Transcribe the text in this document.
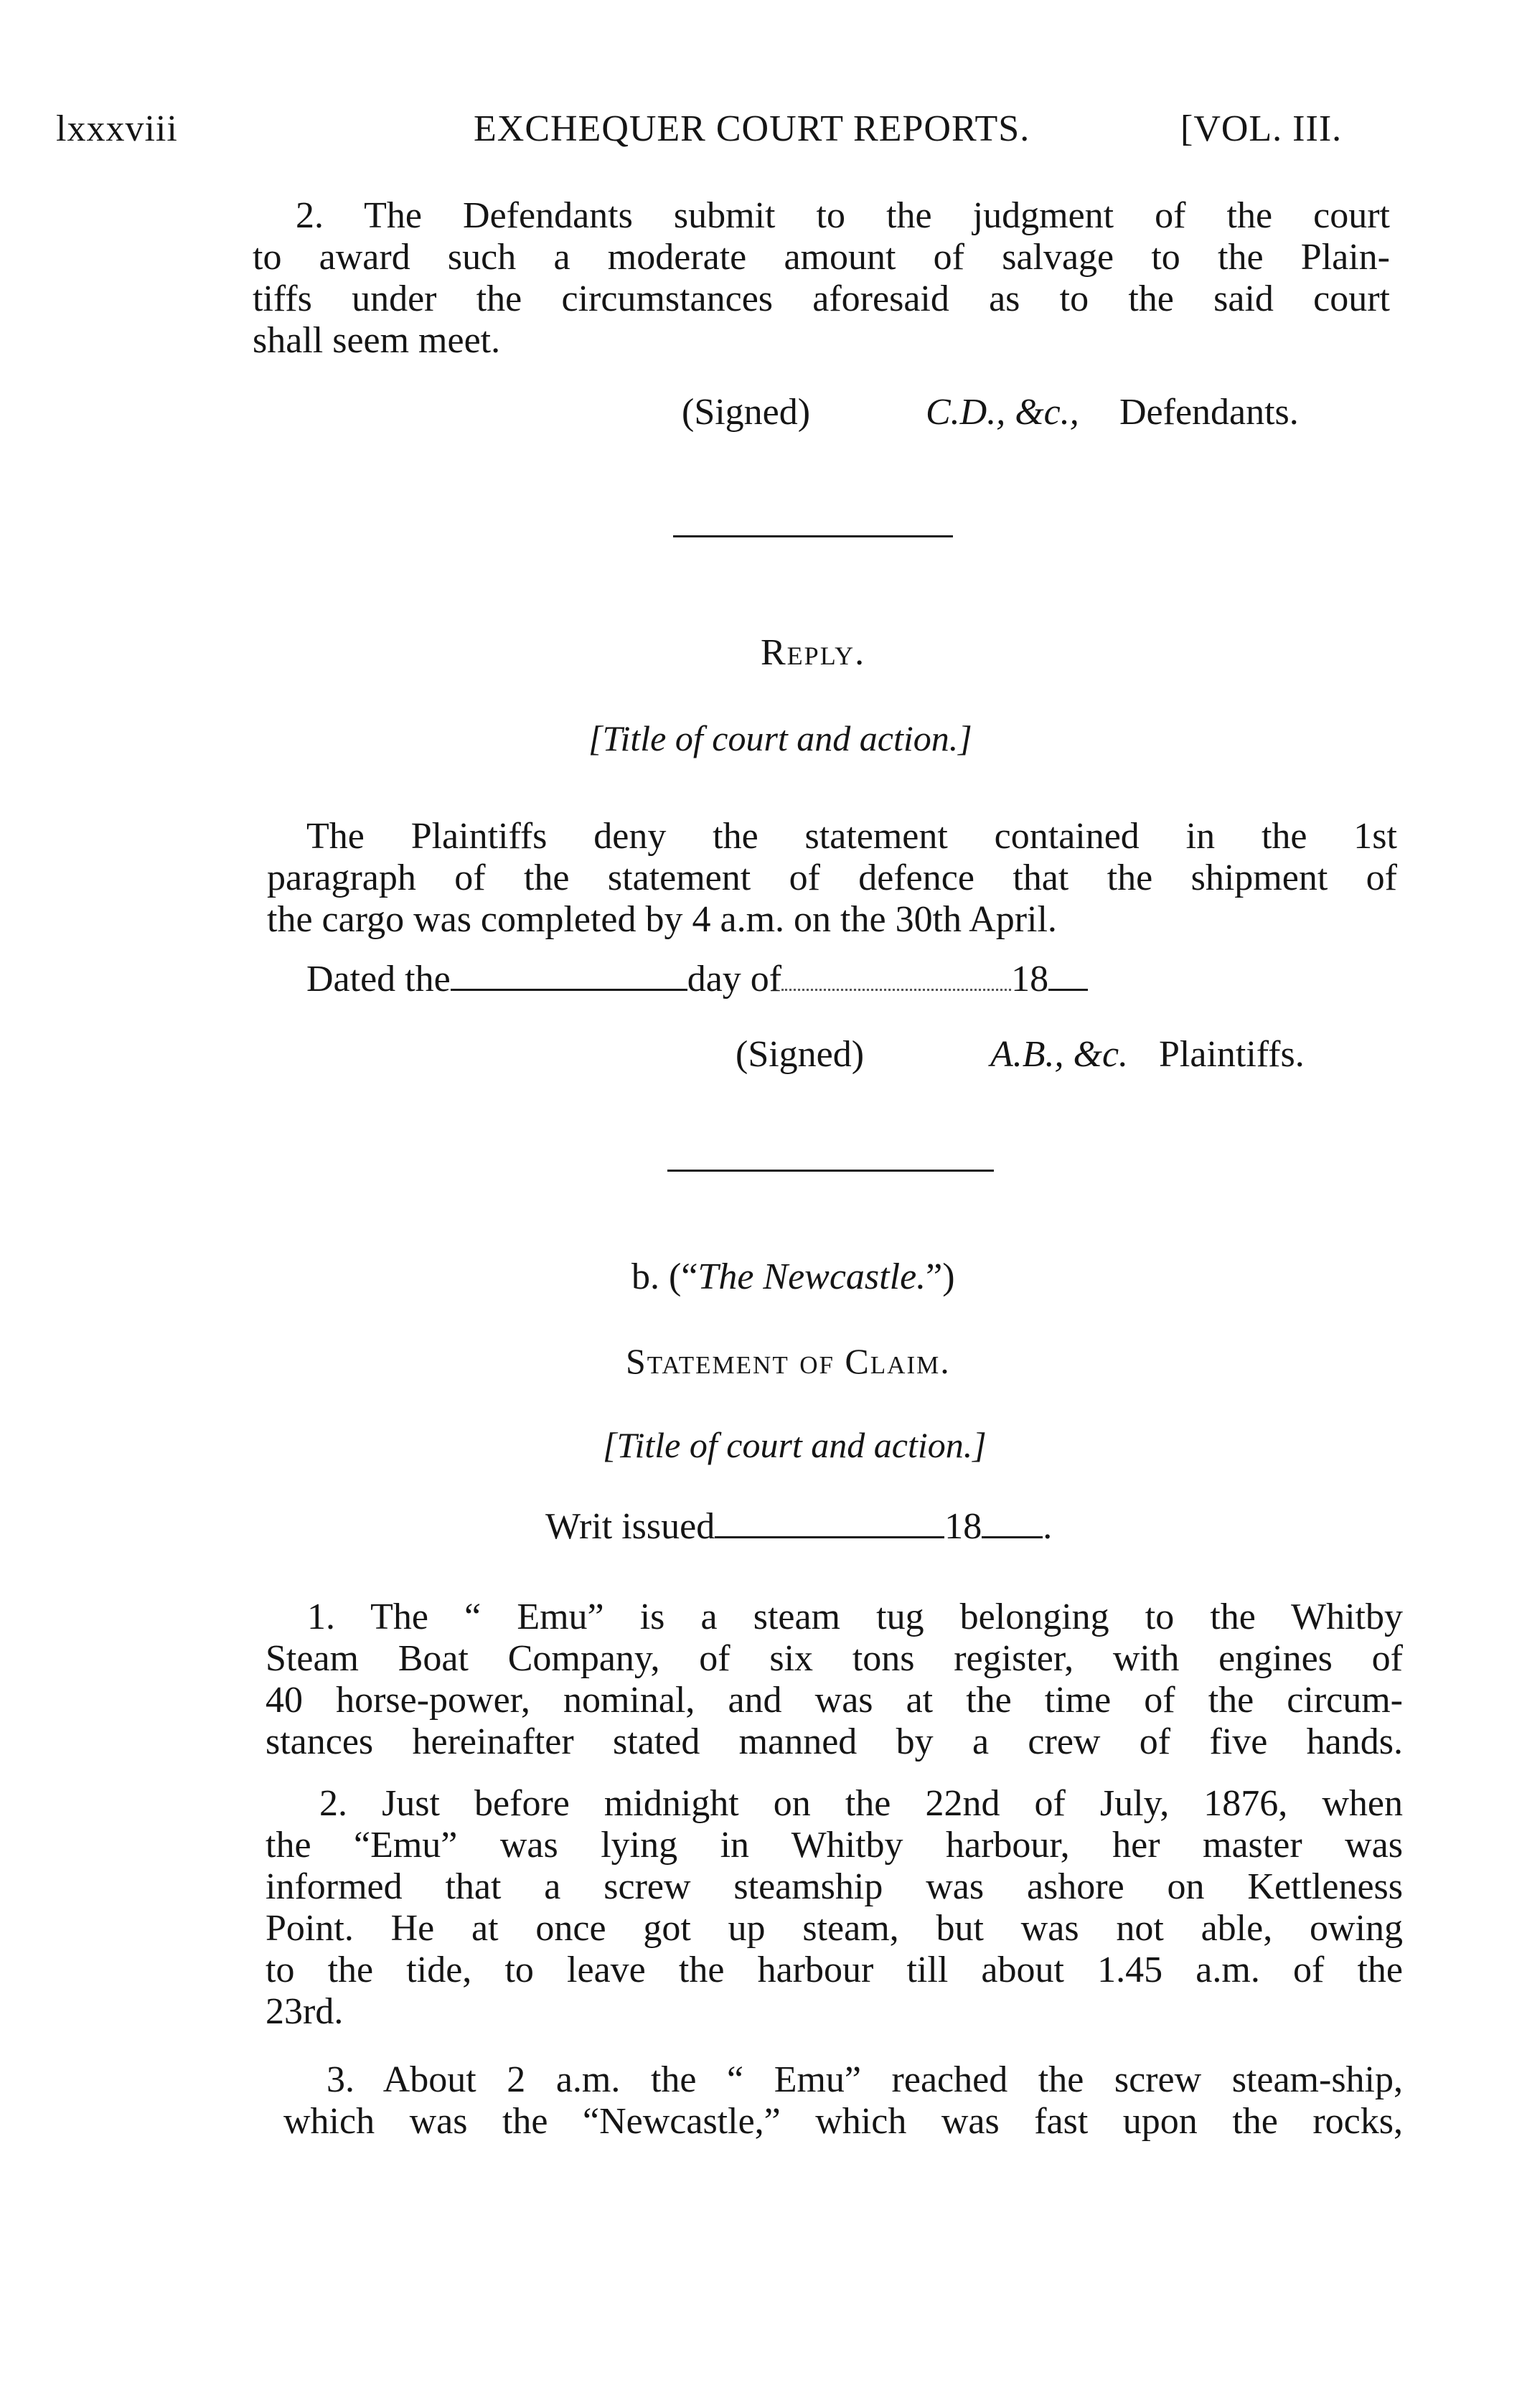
lxxxviii	EXCHEQUER COURT REPORTS.	[VOL. III.
2. The Defendants submit to the judgment of the court
to award such a moderate amount of salvage to the Plain-
tiffs under the circumstances aforesaid as to the said court
shall seem meet.
(Signed)	C.D., &c., Defendants.
Reply.
[Title of court and action.]
The Plaintiffs deny the statement contained in the 1st
paragraph of the statement of defence that the shipment of
the cargo was completed by 4 a.m. on the 30th April.
Dated the	day of	18
(Signed)	A.B., &c. Plaintiffs.
b. (“The Newcastle.”)
Statement of Claim.
[Title of court and action.]
Writ issued	18 .
1. The “ Emu” is a steam tug belonging to the Whitby
Steam Boat Company, of six tons register, with engines of
40 horse-power, nominal, and was at the time of the circum-
stances hereinafter stated manned by a crew of five hands.
2. Just before midnight on the 22nd of July, 1876, when
the “Emu” was lying in Whitby harbour, her master was
informed that a screw steamship was ashore on Kettleness
Point. He at once got up steam, but was not able, owing
to the tide, to leave the harbour till about 1.45 a.m. of the
23rd.
3. About 2 a.m. the “ Emu” reached the screw steam-ship,
which was the “Newcastle,” which was fast upon the rocks,
